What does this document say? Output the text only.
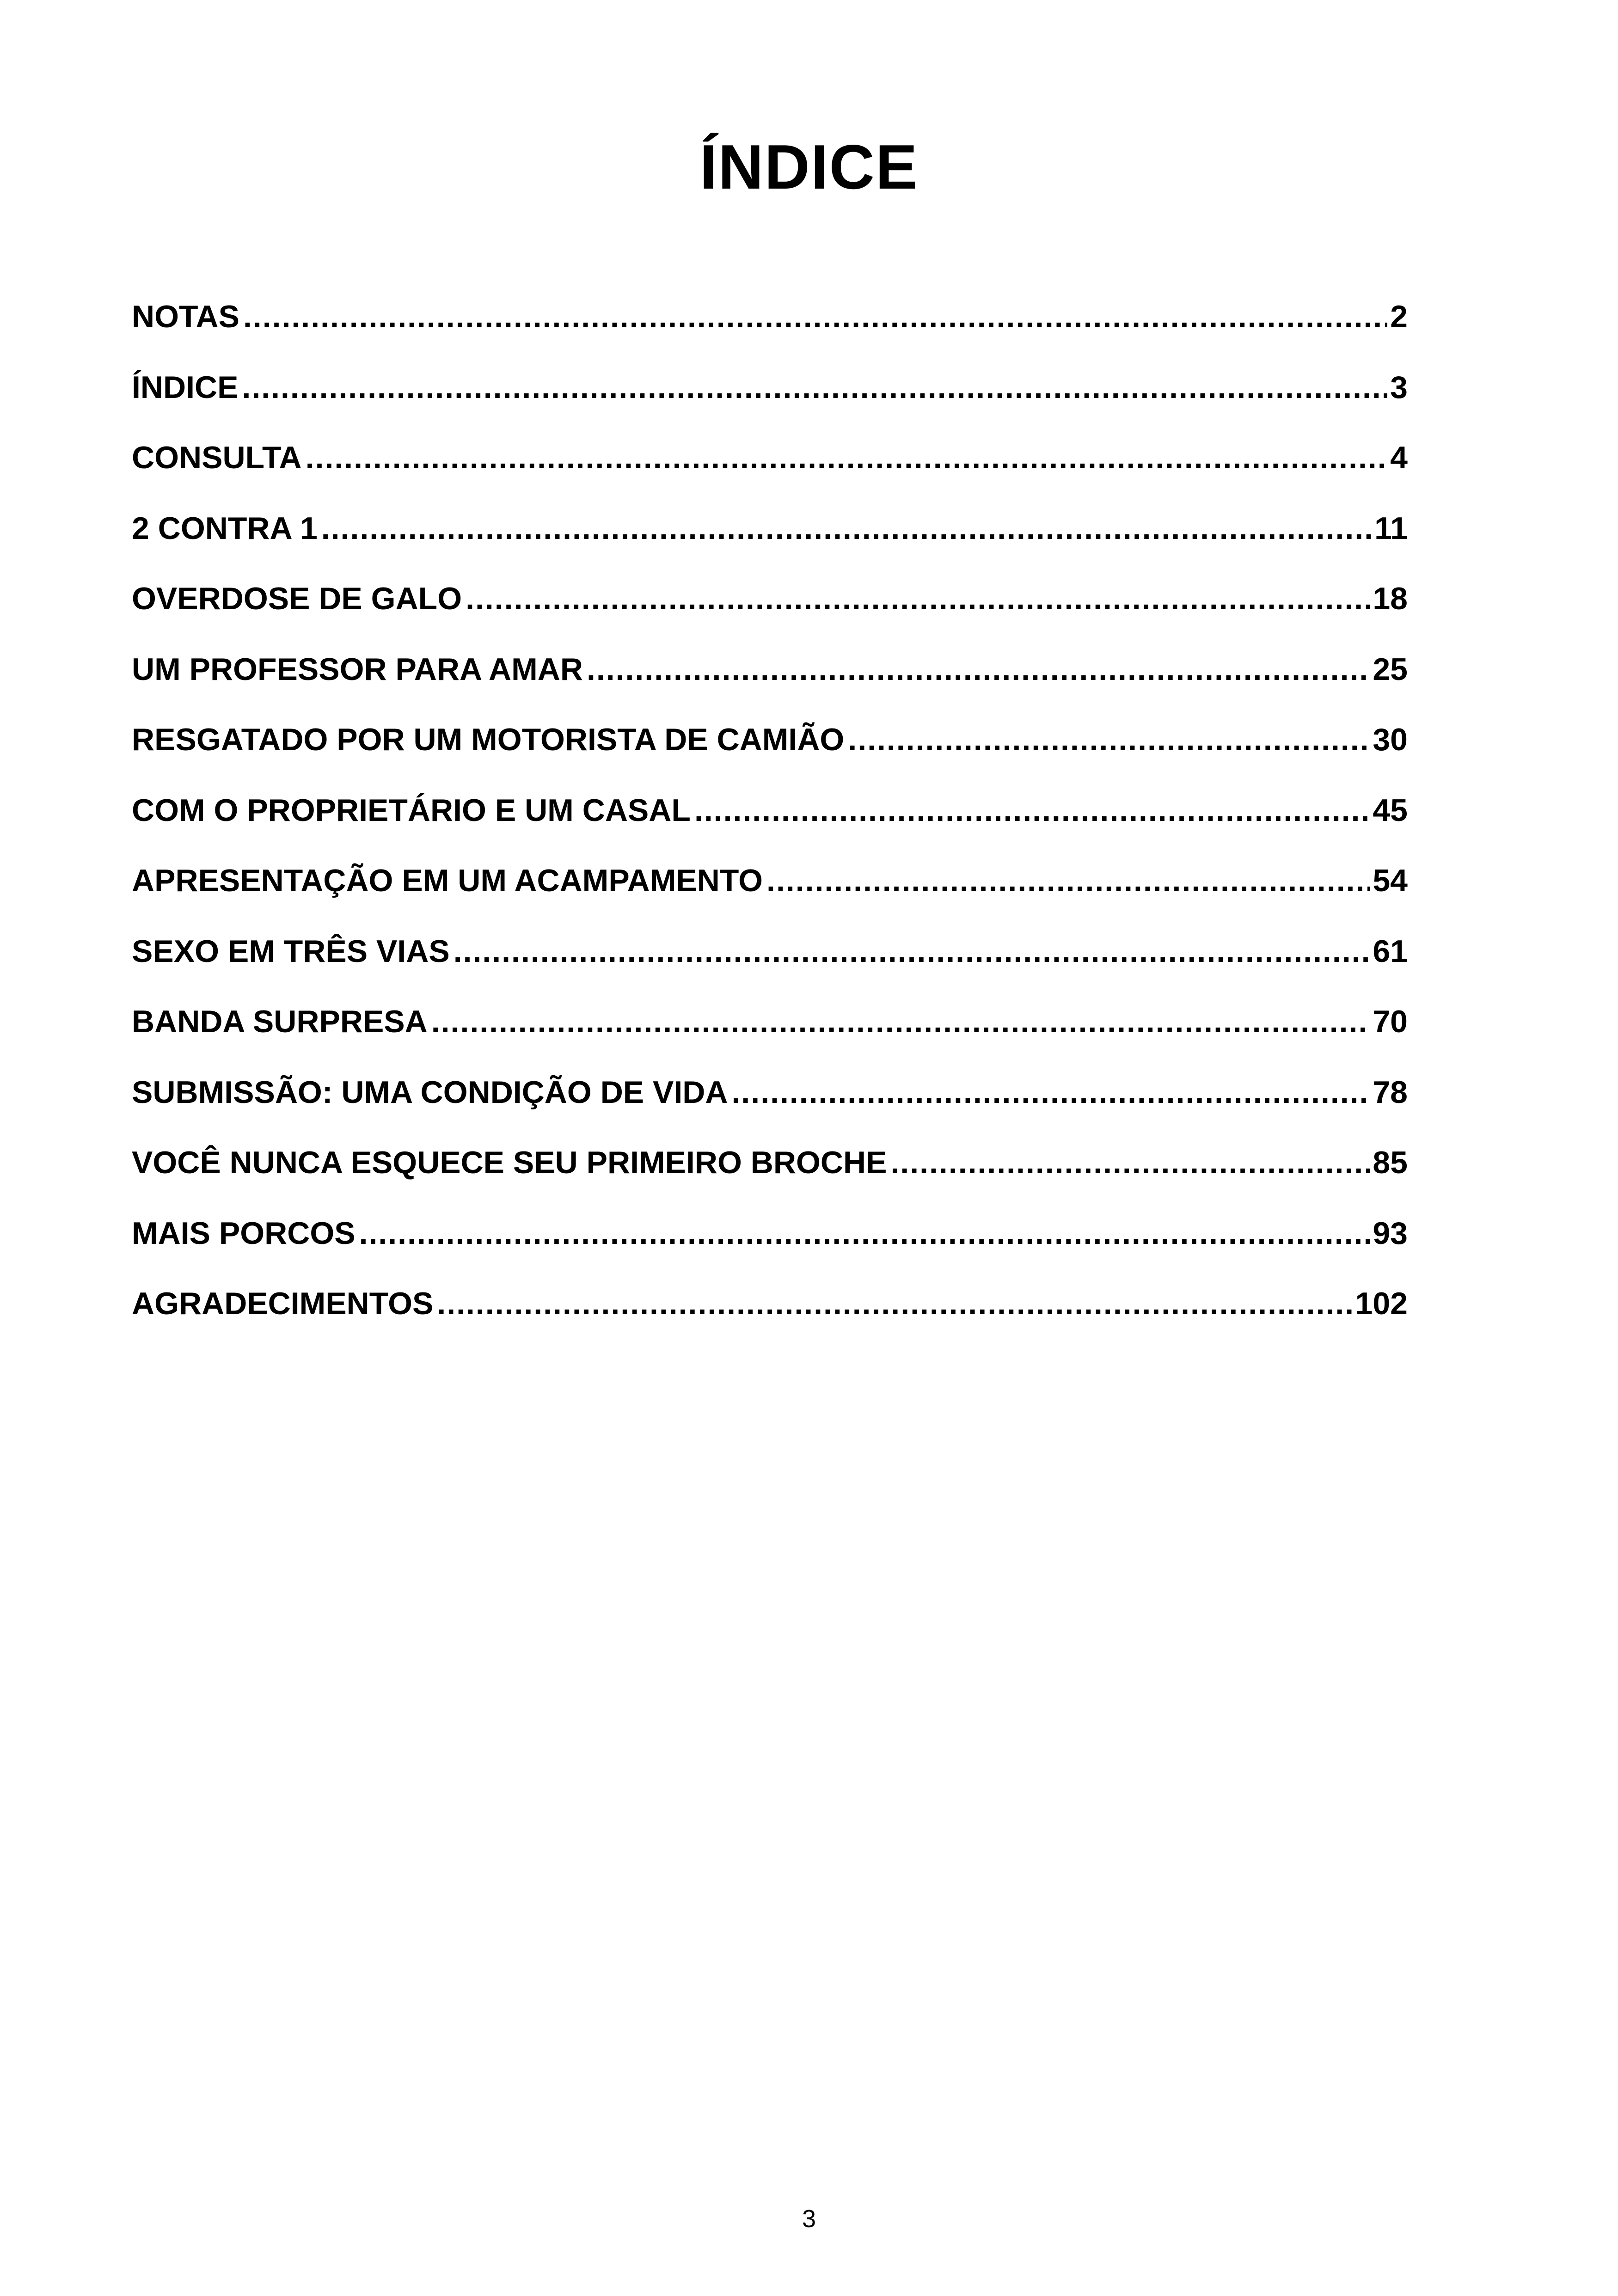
ÍNDICE
NOTAS .....	2
ÍNDICE .....	3
CONSULTA .....	4
2 CONTRA 1 .....	11
OVERDOSE DE GALO .....	18
UM PROFESSOR PARA AMAR .....	25
RESGATADO POR UM MOTORISTA DE CAMIÃO .....	30
COM O PROPRIETÁRIO E UM CASAL .....	45
APRESENTAÇÃO EM UM ACAMPAMENTO .....	54
SEXO EM TRÊS VIAS .....	61
BANDA SURPRESA .....	70
SUBMISSÃO: UMA CONDIÇÃO DE VIDA .....	78
VOCÊ NUNCA ESQUECE SEU PRIMEIRO BROCHE .....	85
MAIS PORCOS .....	93
AGRADECIMENTOS .....	102
3
